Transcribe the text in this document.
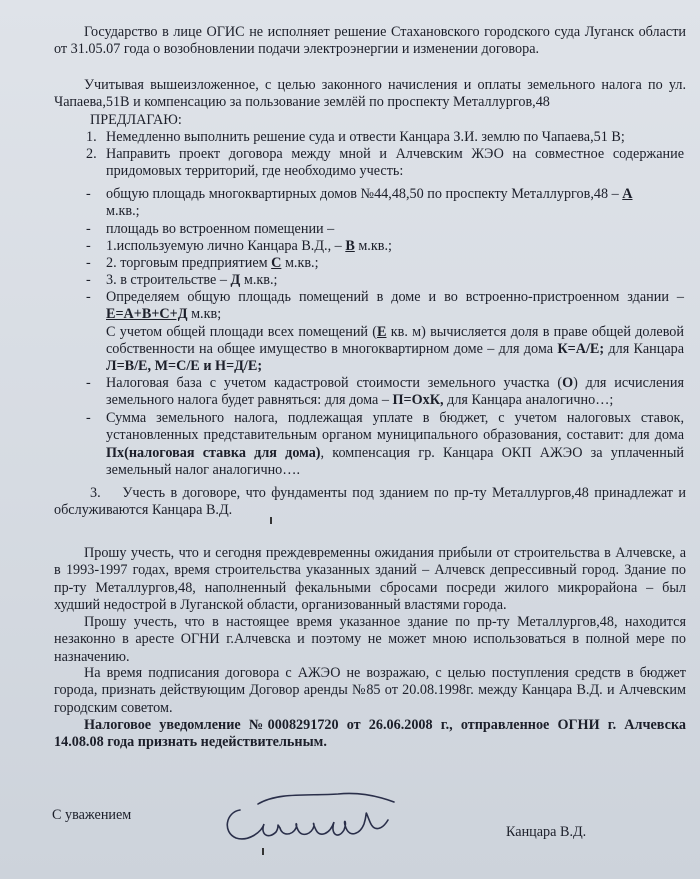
Государство в лице ОГИС не исполняет решение Стахановского городского суда Луганск области от 31.05.07 года о возобновлении подачи электроэнергии и изменении договора.
Учитывая вышеизложенное, с целью законного начисления и оплаты земельного налога по ул. Чапаева,51В и компенсацию за пользование землёй по проспекту Металлургов,48
ПРЕДЛАГАЮ:
1. Немедленно выполнить решение суда и отвести Канцара З.И. землю по Чапаева,51 В;
2. Направить проект договора между мной и Алчевским ЖЭО на совместное содержание придомовых территорий, где необходимо учесть:
-	общую площадь многоквартирных домов №44,48,50 по проспекту Металлургов,48 – А
м.кв.;
-	площадь во встроенном помещении –
-	1.используемую лично Канцара В.Д., – В м.кв.;
-	2. торговым предприятием С м.кв.;
-	3. в строительстве – Д м.кв.;
-	Определяем общую площадь помещений в доме и во встроенно-пристроенном здании – Е=А+В+С+Д м.кв;
С учетом общей площади всех помещений (Е кв. м) вычисляется доля в праве общей долевой собственности на общее имущество в многоквартирном доме – для дома К=А/Е; для Канцара Л=В/Е, М=С/Е и Н=Д/Е;
-	Налоговая база с учетом кадастровой стоимости земельного участка (О) для исчисления земельного налога будет равняться: для дома – П=ОхК, для Канцара аналогично…;
-	Сумма земельного налога, подлежащая уплате в бюджет, с учетом налоговых ставок, установленных представительным органом муниципального образования, составит: для дома Пх(налоговая ставка для дома), компенсация гр. Канцара ОКП АЖЭО за уплаченный земельный налог аналогично….
3. Учесть в договоре, что фундаменты под зданием по пр-ту Металлургов,48 принадлежат и обслуживаются Канцара В.Д.
Прошу учесть, что и сегодня преждевременны ожидания прибыли от строительства в Алчевске, а в 1993-1997 годах, время строительства указанных зданий – Алчевск депрессивный город. Здание по пр-ту Металлургов,48, наполненный фекальными сбросами посреди жилого микрорайона – был худший недострой в Луганской области, организованный властями города.
Прошу учесть, что в настоящее время указанное здание по пр-ту Металлургов,48, находится незаконно в аресте ОГНИ г.Алчевска и поэтому не может мною использоваться в полной мере по назначению.
На время подписания договора с АЖЭО не возражаю, с целью поступления средств в бюджет города, признать действующим Договор аренды №85 от 20.08.1998г. между Канцара В.Д. и Алчевским городским советом.
Налоговое уведомление №0008291720 от 26.06.2008 г., отправленное ОГНИ г. Алчевска 14.08.08 года признать недействительным.
С уважением
Канцара В.Д.
